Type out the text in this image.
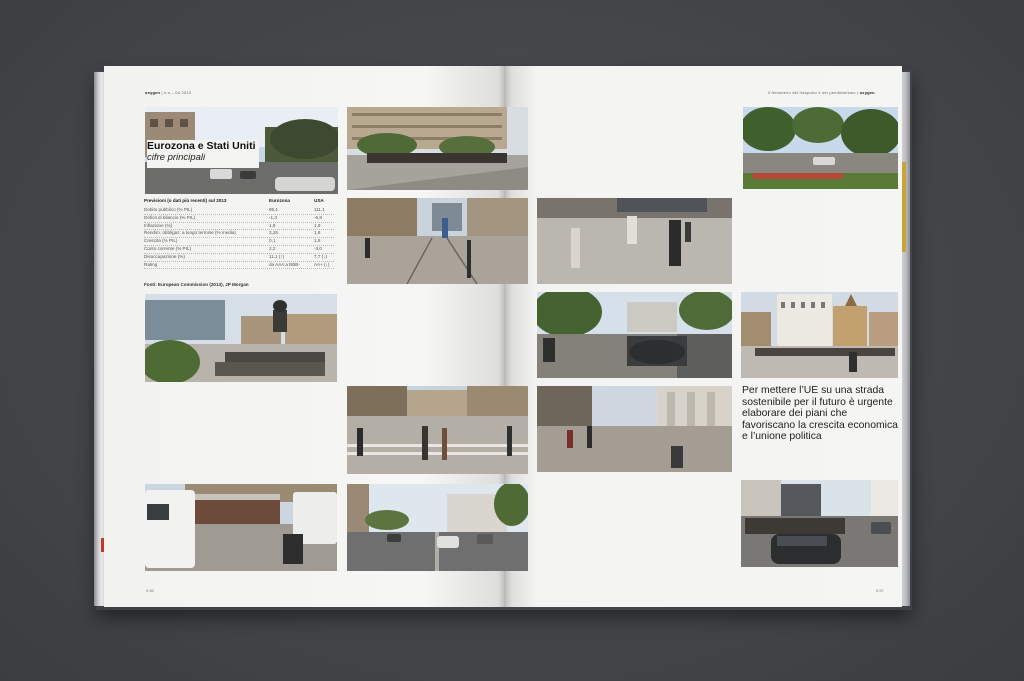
oxygen | n.o – 04 2013	il fenomeno del trasporto e del pendolarismo | oxygen
0.56	0.57
Eurozona e Stati Uniti
cifre principali
Previsioni (o dati più recenti) sul 2013	Eurozona	USA
Debito pubblico (% PIL)	95,1	111,1
Deficit di bilancio (% PIL)	-1,3	-6,8
Inflazione (%)	1,8	1,9
Rendim. obbligaz. a lungo termine (% media)	3,25	1,8
Crescita (% PIL)	0,1	1,9
Conto corrente (% PIL)	2,2	-3,0
Disoccupazione (%)	11,1 (↑)	7,7 (↓)
Rating	da AAA a BBB-	AA+ (↓)
Fonti: European Commission (2013), JP Morgan
Per mettere l’UE su una strada sostenibile per il futuro è urgente elaborare dei piani che favoriscano la crescita economica e l’unione politica
